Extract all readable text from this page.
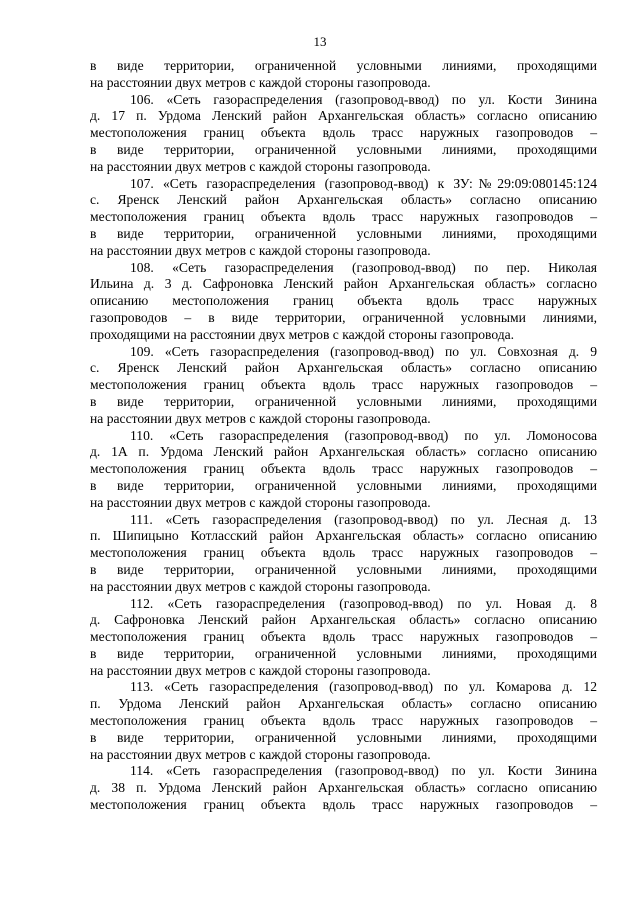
13
в виде территории, ограниченной условными линиями, проходящими
на расстоянии двух метров с каждой стороны газопровода.
106. «Сеть газораспределения (газопровод-ввод) по ул. Кости Зинина
д. 17 п. Урдома Ленский район Архангельская область» согласно описанию
местоположения границ объекта вдоль трасс наружных газопроводов –
в виде территории, ограниченной условными линиями, проходящими
на расстоянии двух метров с каждой стороны газопровода.
107. «Сеть газораспределения (газопровод-ввод) к ЗУ:№29:09:080145:124
с. Яренск Ленский район Архангельская область» согласно описанию
местоположения границ объекта вдоль трасс наружных газопроводов –
в виде территории, ограниченной условными линиями, проходящими
на расстоянии двух метров с каждой стороны газопровода.
108. «Сеть газораспределения (газопровод-ввод) по пер. Николая
Ильина д. 3 д. Сафроновка Ленский район Архангельская область» согласно
описанию местоположения границ объекта вдоль трасс наружных
газопроводов – в виде территории, ограниченной условными линиями,
проходящими на расстоянии двух метров с каждой стороны газопровода.
109. «Сеть газораспределения (газопровод-ввод) по ул. Совхозная д. 9
с. Яренск Ленский район Архангельская область» согласно описанию
местоположения границ объекта вдоль трасс наружных газопроводов –
в виде территории, ограниченной условными линиями, проходящими
на расстоянии двух метров с каждой стороны газопровода.
110. «Сеть газораспределения (газопровод-ввод) по ул. Ломоносова
д. 1А п. Урдома Ленский район Архангельская область» согласно описанию
местоположения границ объекта вдоль трасс наружных газопроводов –
в виде территории, ограниченной условными линиями, проходящими
на расстоянии двух метров с каждой стороны газопровода.
111. «Сеть газораспределения (газопровод-ввод) по ул. Лесная д. 13
п. Шипицыно Котласский район Архангельская область» согласно описанию
местоположения границ объекта вдоль трасс наружных газопроводов –
в виде территории, ограниченной условными линиями, проходящими
на расстоянии двух метров с каждой стороны газопровода.
112. «Сеть газораспределения (газопровод-ввод) по ул. Новая д. 8
д. Сафроновка Ленский район Архангельская область» согласно описанию
местоположения границ объекта вдоль трасс наружных газопроводов –
в виде территории, ограниченной условными линиями, проходящими
на расстоянии двух метров с каждой стороны газопровода.
113. «Сеть газораспределения (газопровод-ввод) по ул. Комарова д. 12
п. Урдома Ленский район Архангельская область» согласно описанию
местоположения границ объекта вдоль трасс наружных газопроводов –
в виде территории, ограниченной условными линиями, проходящими
на расстоянии двух метров с каждой стороны газопровода.
114. «Сеть газораспределения (газопровод-ввод) по ул. Кости Зинина
д. 38 п. Урдома Ленский район Архангельская область» согласно описанию
местоположения границ объекта вдоль трасс наружных газопроводов –
